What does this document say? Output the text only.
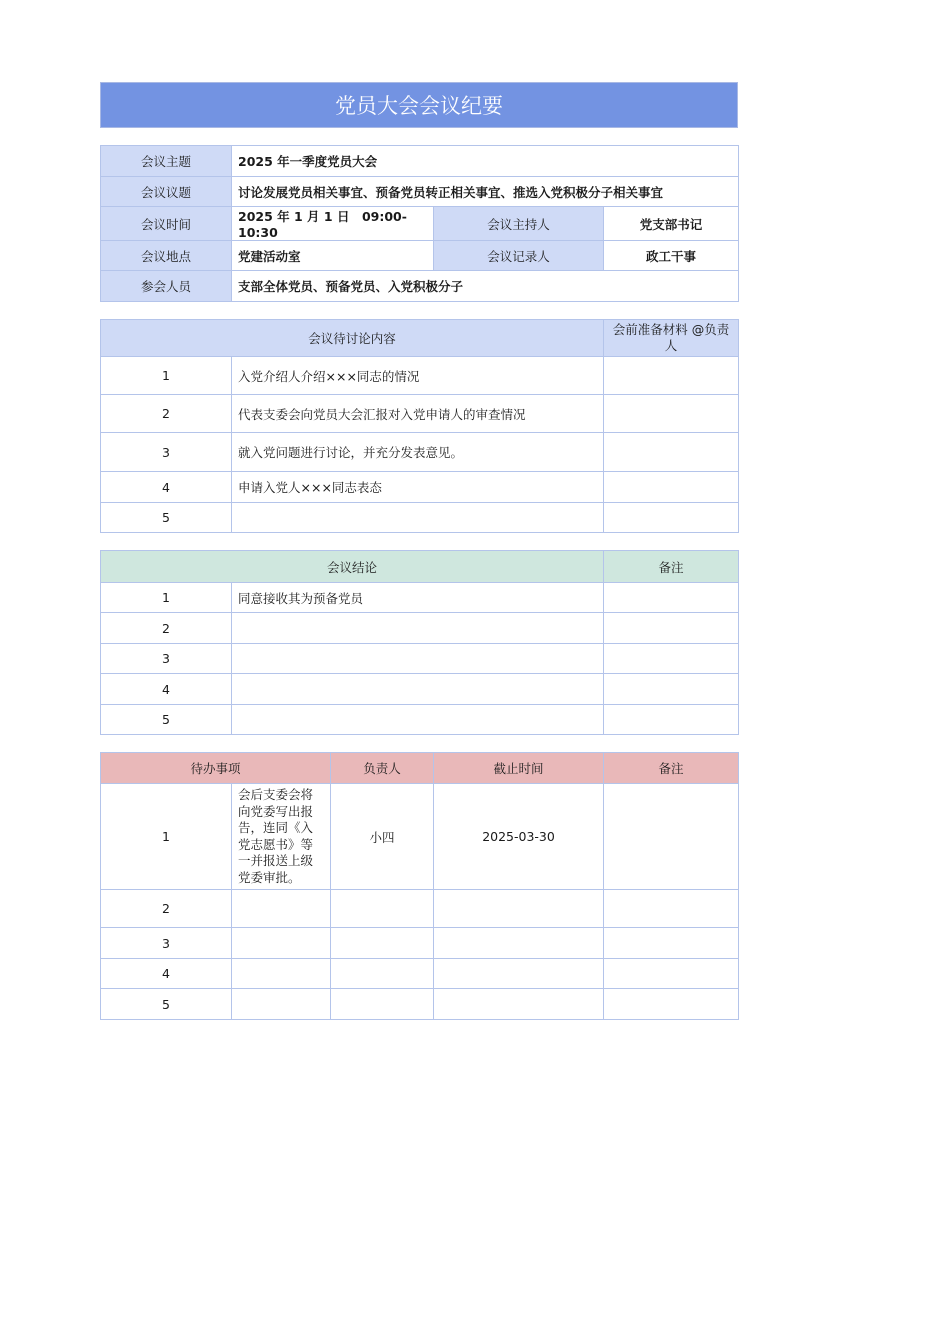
党员大会会议纪要
会议主题	2025 年一季度党员大会		
会议议题	讨论发展党员相关事宜、预备党员转正相关事宜、推选入党积极分子相关事宜		
会议时间	2025 年 1 月 1 日　09:00-10:30	会议主持人	党支部书记
会议地点	党建活动室	会议记录人	政工干事
参会人员	支部全体党员、预备党员、入党积极分子		
会议待讨论内容		会前准备材料 @负责人
1	入党介绍人介绍×××同志的情况	
2	代表支委会向党员大会汇报对入党申请人的审查情况	
3	就入党问题进行讨论，并充分发表意见。	
4	申请入党人×××同志表态	
5		
会议结论		备注
1	同意接收其为预备党员	
2		
3		
4		
5		
待办事项		负责人	截止时间	备注
1	会后支委会将向党委写出报告，连同《入党志愿书》等一并报送上级党委审批。	小四	2025-03-30	
2				
3				
4				
5				
